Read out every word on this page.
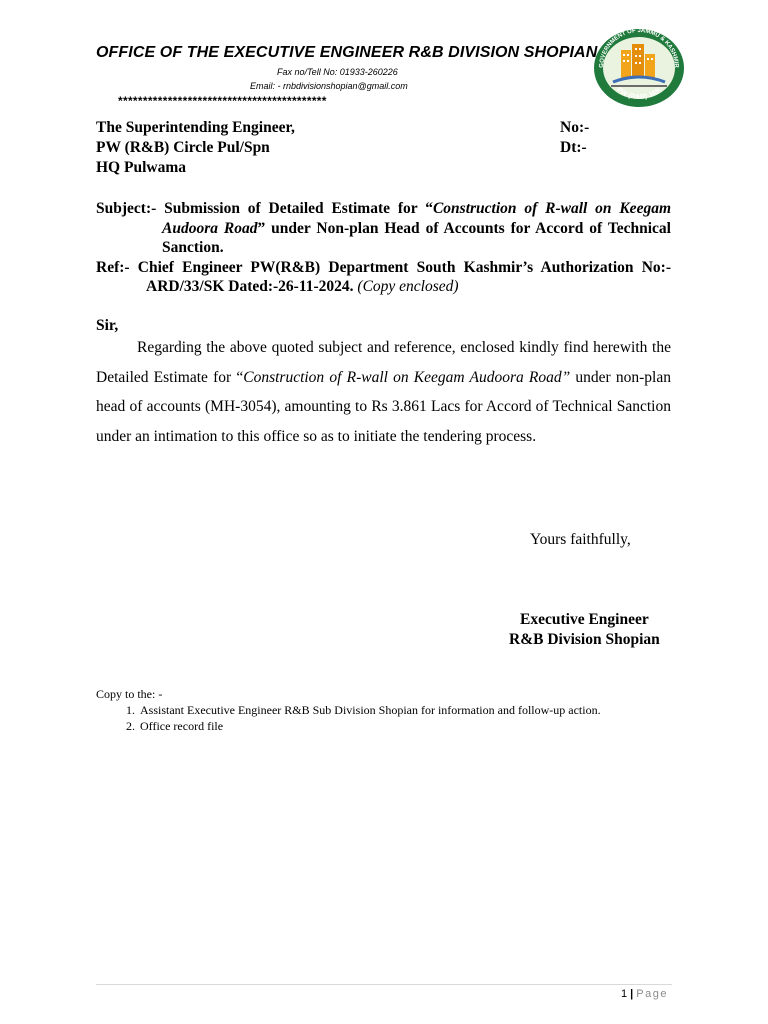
OFFICE OF THE EXECUTIVE ENGINEER R&B DIVISION SHOPIAN
Fax no/Tell No: 01933-260226
Email: - rnbdivisionshopian@gmail.com
******************************************
GOVERNMENT OF JAMMU & KASHMIR
PW (R&B) J&K
The Superintending Engineer,
PW (R&B) Circle Pul/Spn
HQ Pulwama
No:-
Dt:-

Subject:- Submission of Detailed Estimate for “Construction of R-wall on Keegam Audoora Road” under Non-plan Head of Accounts for Accord of Technical Sanction.

Ref:- Chief Engineer PW(R&B) Department South Kashmir’s Authorization No:-ARD/33/SK Dated:-26-11-2024. (Copy enclosed)

Sir,
Regarding the above quoted subject and reference, enclosed kindly find herewith the Detailed Estimate for “Construction of R-wall on Keegam Audoora Road” under non-plan head of accounts (MH-3054), amounting to Rs 3.861 Lacs for Accord of Technical Sanction under an intimation to this office so as to initiate the tendering process.
Yours faithfully,
Executive Engineer
R&B Division Shopian
Copy to the: -
1. Assistant Executive Engineer R&B Sub Division Shopian for information and follow-up action.
2. Office record file
1 | Page
